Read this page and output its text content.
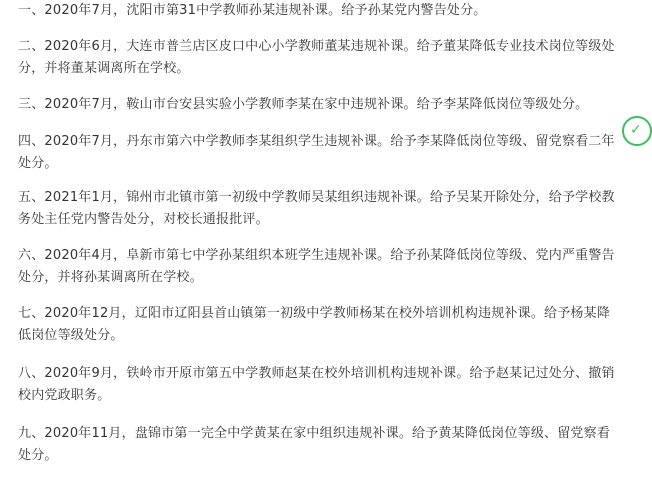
一、2020年7月，沈阳市第31中学教师孙某违规补课。给予孙某党内警告处分。

二、2020年6月，大连市普兰店区皮口中心小学教师董某违规补课。给予董某降低专业技术岗位等级处分，并将董某调离所在学校。

三、2020年7月，鞍山市台安县实验小学教师李某在家中违规补课。给予李某降低岗位等级处分。

四、2020年7月，丹东市第六中学教师李某组织学生违规补课。给予李某降低岗位等级、留党察看二年处分。

五、2021年1月，锦州市北镇市第一初级中学教师吴某组织违规补课。给予吴某开除处分，给予学校教务处主任党内警告处分，对校长通报批评。

六、2020年4月，阜新市第七中学孙某组织本班学生违规补课。给予孙某降低岗位等级、党内严重警告处分，并将孙某调离所在学校。

七、2020年12月，辽阳市辽阳县首山镇第一初级中学教师杨某在校外培训机构违规补课。给予杨某降低岗位等级处分。

八、2020年9月，铁岭市开原市第五中学教师赵某在校外培训机构违规补课。给予赵某记过处分、撤销校内党政职务。

九、2020年11月，盘锦市第一完全中学黄某在家中组织违规补课。给予黄某降低岗位等级、留党察看处分。

✓
